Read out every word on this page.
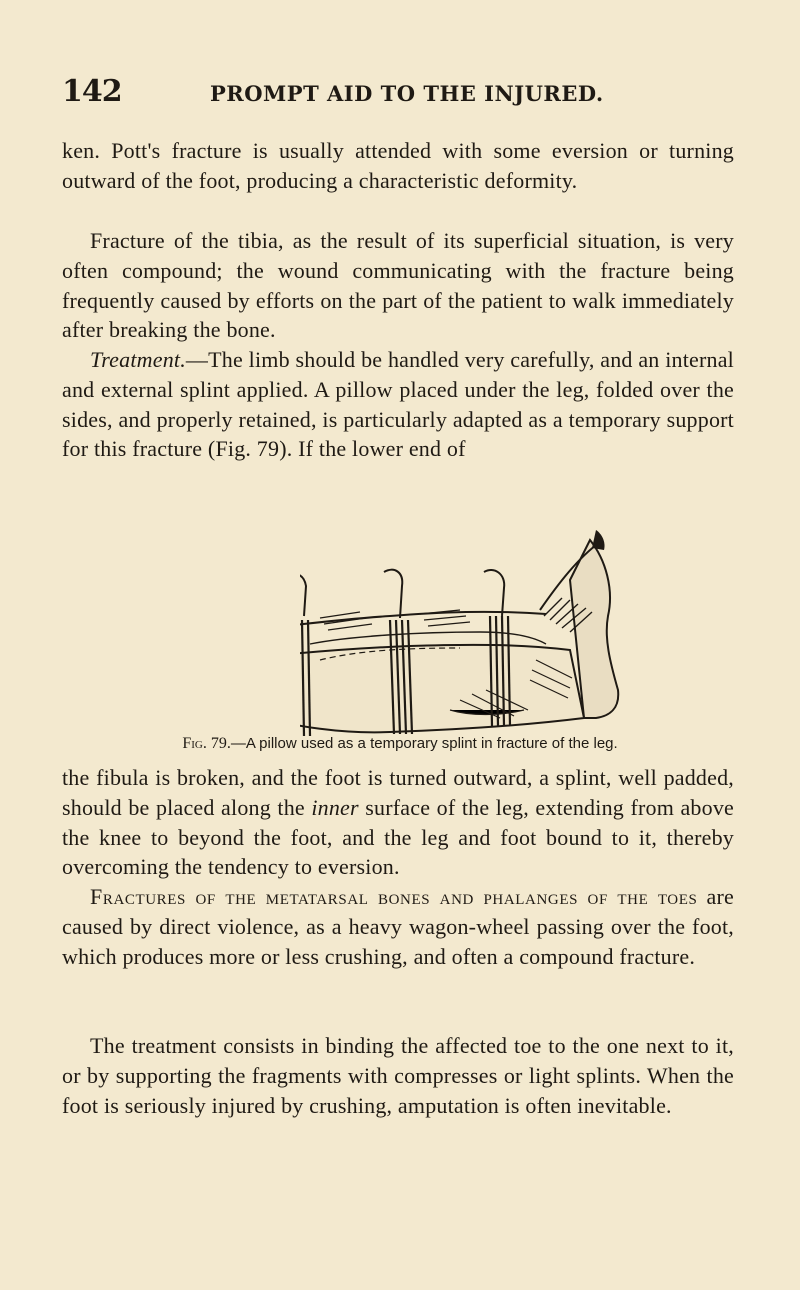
142	PROMPT AID TO THE INJURED.

ken. Pott's fracture is usually attended with some eversion or turning outward of the foot, producing a characteristic deformity.

Fracture of the tibia, as the result of its superficial situation, is very often compound; the wound communicating with the fracture being frequently caused by efforts on the part of the patient to walk immediately after breaking the bone.

Treatment.—The limb should be handled very carefully, and an internal and external splint applied. A pillow placed under the leg, folded over the sides, and properly retained, is particularly adapted as a temporary support for this fracture (Fig. 79). If the lower end of

Fig. 79.—A pillow used as a temporary splint in fracture of the leg.

the fibula is broken, and the foot is turned outward, a splint, well padded, should be placed along the inner surface of the leg, extending from above the knee to beyond the foot, and the leg and foot bound to it, thereby overcoming the tendency to eversion.

Fractures of the metatarsal bones and phalanges of the toes are caused by direct violence, as a heavy wagon-wheel passing over the foot, which produces more or less crushing, and often a compound fracture.

The treatment consists in binding the affected toe to the one next to it, or by supporting the fragments with compresses or light splints. When the foot is seriously injured by crushing, amputation is often inevitable.
